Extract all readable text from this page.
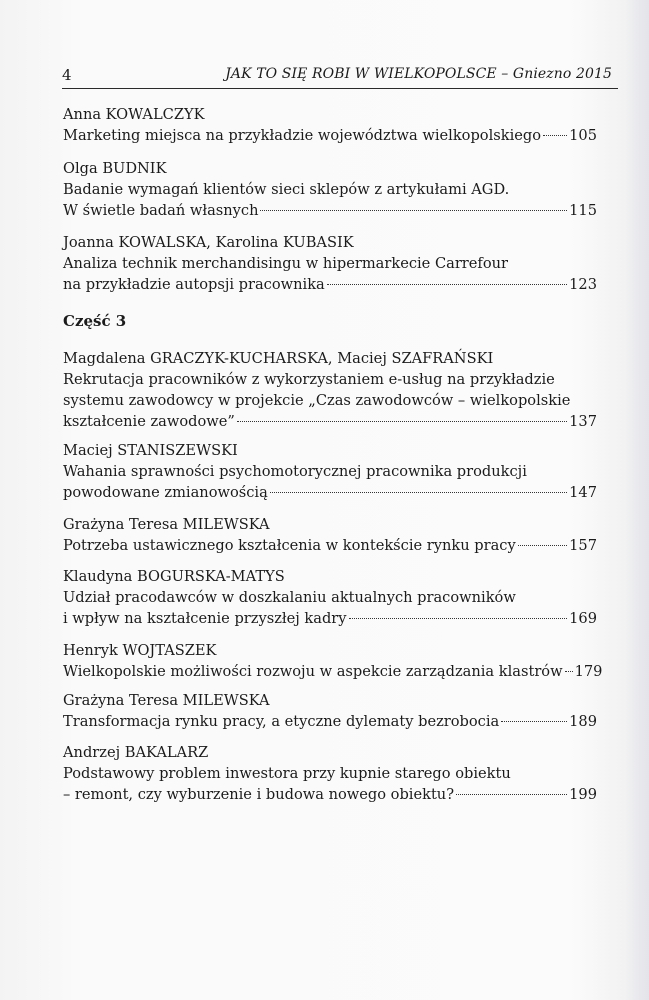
4	JAK TO SIĘ ROBI W WIELKOPOLSCE – Gniezno 2015
Anna KOWALCZYK
Marketing miejsca na przykładzie województwa wielkopolskiego 105
Olga BUDNIK
Badanie wymagań klientów sieci sklepów z artykułami AGD.
W świetle badań własnych	115
Joanna KOWALSKA, Karolina KUBASIK
Analiza technik merchandisingu w hipermarkecie Carrefour
na przykładzie autopsji pracownika	123
Część 3
Magdalena GRACZYK-KUCHARSKA, Maciej SZAFRAŃSKI
Rekrutacja pracowników z wykorzystaniem e-usług na przykładzie
systemu zawodowcy w projekcie „Czas zawodowców – wielkopolskie
kształcenie zawodowe”	137
Maciej STANISZEWSKI
Wahania sprawności psychomotorycznej pracownika produkcji
powodowane zmianowością	147
Grażyna Teresa MILEWSKA
Potrzeba ustawicznego kształcenia w kontekście rynku pracy	157
Klaudyna BOGURSKA-MATYS
Udział pracodawców w doszkalaniu aktualnych pracowników
i wpływ na kształcenie przyszłej kadry	169
Henryk WOJTASZEK
Wielkopolskie możliwości rozwoju w aspekcie zarządzania klastrów 179
Grażyna Teresa MILEWSKA
Transformacja rynku pracy, a etyczne dylematy bezrobocia	189
Andrzej BAKALARZ
Podstawowy problem inwestora przy kupnie starego obiektu
– remont, czy wyburzenie i budowa nowego obiektu?	199
